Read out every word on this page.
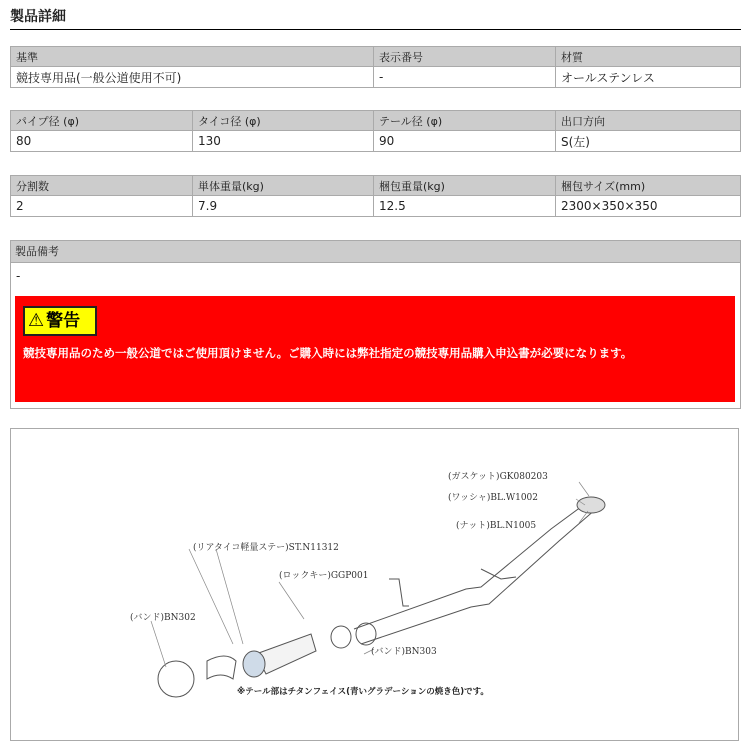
製品詳細
基準	表示番号	材質
競技専用品(一般公道使用不可)	-	オールステンレス
パイプ径 (φ)	タイコ径 (φ)	テール径 (φ)	出口方向
80	130	90	S(左)
分割数	単体重量(kg)	梱包重量(kg)	梱包サイズ(mm)
2	7.9	12.5	2300×350×350
製品備考
-
⚠ 警告
競技専用品のため一般公道ではご使用頂けません。ご購入時には弊社指定の競技専用品購入申込書が必要になります。
(ガスケット)GK080203
(ワッシャ)BL.W1002
(ナット)BL.N1005
(リアタイコ軽量ステー)ST.N11312
(ロックキー)GGP001
(バンド)BN302
(バンド)BN303
※テール部はチタンフェイス(青いグラデーションの焼き色)です。
